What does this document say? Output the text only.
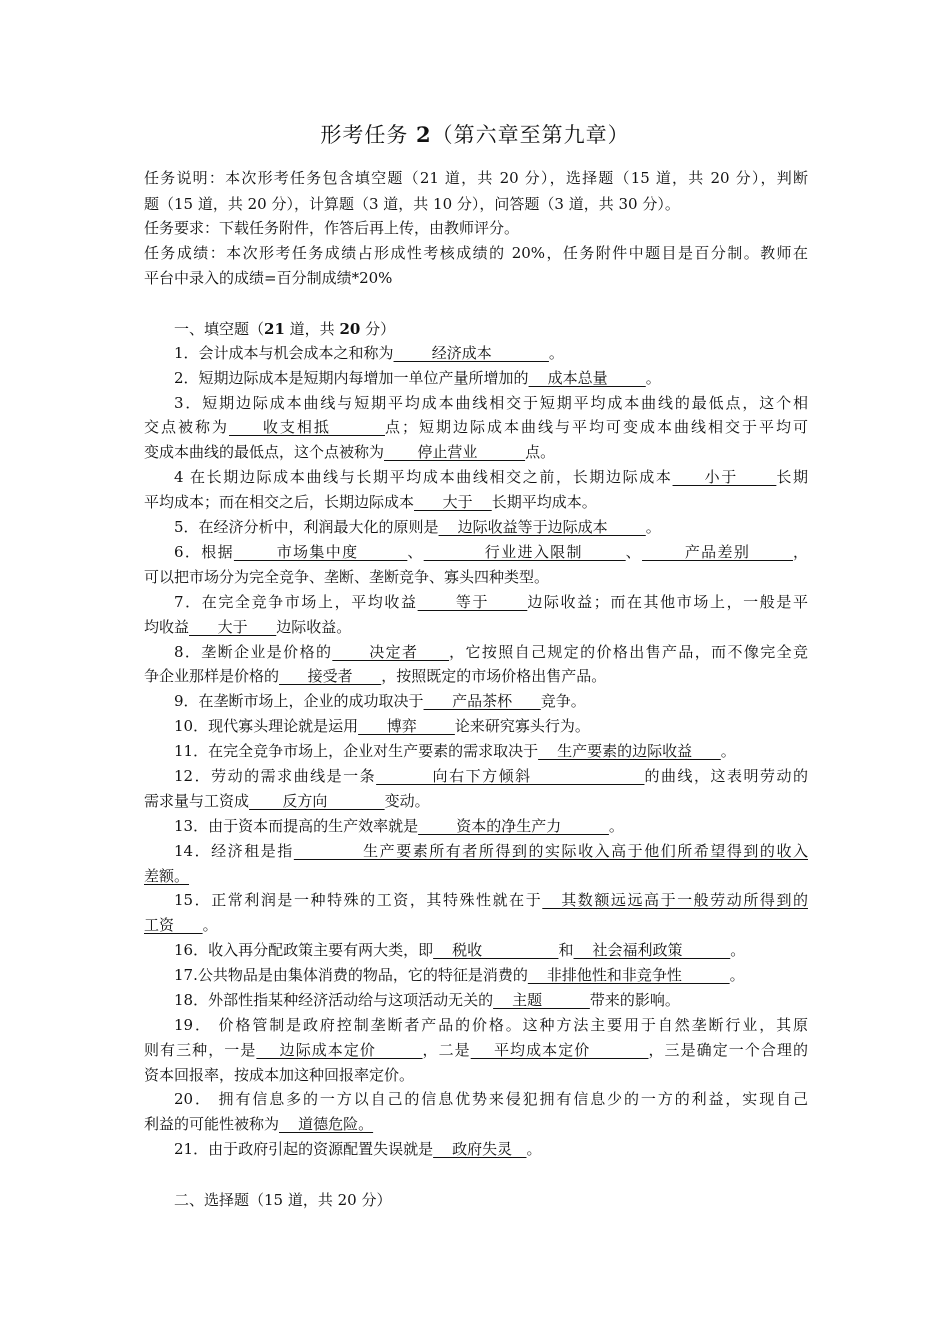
形考任务 2（第六章至第九章）
任务说明：本次形考任务包含填空题（21 道，共 20 分），选择题（15 道，共 20 分），判断
题（15 道，共 20 分），计算题（3 道，共 10 分），问答题（3 道，共 30 分）。
任务要求：下载任务附件，作答后再上传，由教师评分。
任务成绩：本次形考任务成绩占形成性考核成绩的 20%，任务附件中题目是百分制。教师在
平台中录入的成绩=百分制成绩*20%
一、填空题（21 道，共 20 分）
1．会计成本与机会成本之和称为        经济成本            。
2．短期边际成本是短期内每增加一单位产量所增加的    成本总量        。
3．短期边际成本曲线与短期平均成本曲线相交于短期平均成本曲线的最低点，这个相
交点被称为     收支相抵        点；短期边际成本曲线与平均可变成本曲线相交于平均可
变成本曲线的最低点，这个点被称为       停止营业          点。
4 在长期边际成本曲线与长期平均成本曲线相交之前，长期边际成本     小于      长期
平均成本；而在相交之后，长期边际成本      大于    长期平均成本。
5．在经济分析中，利润最大化的原则是    边际收益等于边际成本        。
6．根据       市场集中度        、          行业进入限制       、       产品差别       ，
可以把市场分为完全竞争、垄断、垄断竞争、寡头四种类型。
7．在完全竞争市场上，平均收益      等于      边际收益；而在其他市场上，一般是平
均收益      大于      边际收益。
8．垄断企业是价格的      决定者     ，它按照自己规定的价格出售产品，而不像完全竞
争企业那样是价格的      接受者      ，按照既定的市场价格出售产品。
9．在垄断市场上，企业的成功取决于      产品茶杯      竞争。
10．现代寡头理论就是运用      博弈        论来研究寡头行为。
11．在完全竞争市场上，企业对生产要素的需求取决于    生产要素的边际收益      。
12．劳动的需求曲线是一条         向右下方倾斜                  的曲线，这表明劳动的
需求量与工资成       反方向            变动。
13．由于资本而提高的生产效率就是        资本的净生产力          。
14．经济租是指           生产要素所有者所得到的实际收入高于他们所希望得到的收入
差额。
15．正常利润是一种特殊的工资，其特殊性就在于   其数额远远高于一般劳动所得到的
工资      。
16．收入再分配政策主要有两大类，即    税收                和    社会福利政策          。
17.公共物品是由集体消费的物品，它的特征是消费的    非排他性和非竞争性          。
18．外部性指某种经济活动给与这项活动无关的    主题          带来的影响。
19． 价格管制是政府控制垄断者产品的价格。这种方法主要用于自然垄断行业，其原
则有三种，一是    边际成本定价        ，二是    平均成本定价          ，三是确定一个合理的
资本回报率，按成本加这种回报率定价。
20． 拥有信息多的一方以自己的信息优势来侵犯拥有信息少的一方的利益，实现自己
利益的可能性被称为    道德危险。
21．由于政府引起的资源配置失误就是    政府失灵   。
二、选择题（15 道，共 20 分）
